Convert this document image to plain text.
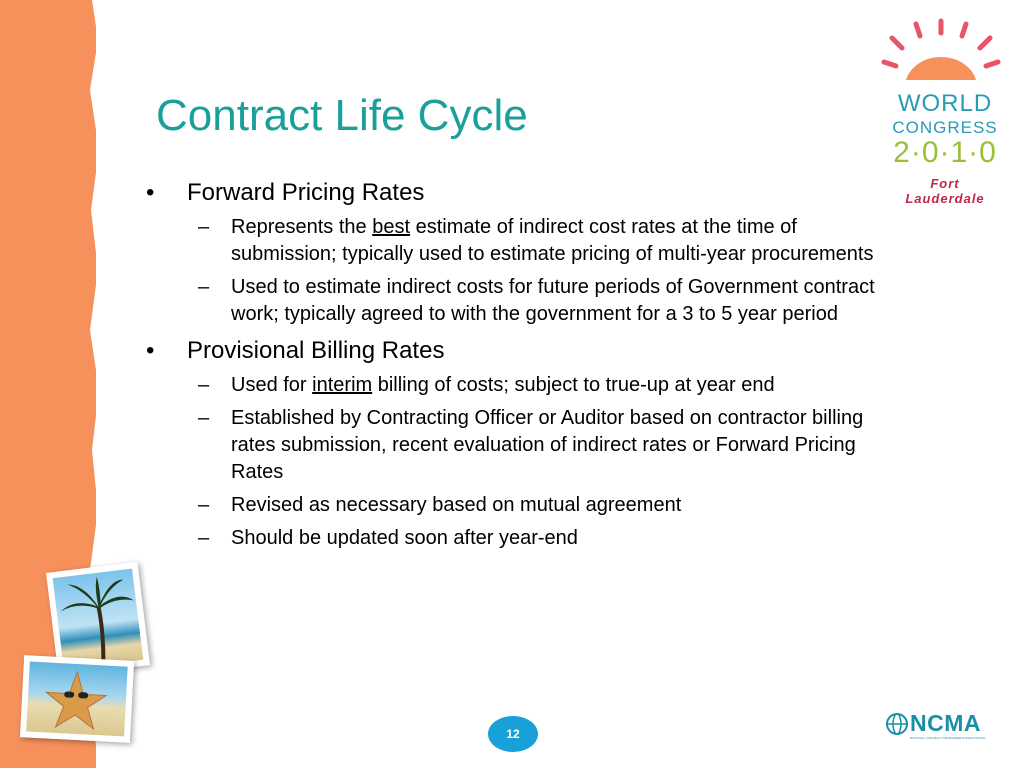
Contract Life Cycle
• Forward Pricing Rates
– Represents the best estimate of indirect cost rates at the time of submission; typically used to estimate pricing of multi-year procurements
– Used to estimate indirect costs for future periods of Government contract work; typically agreed to with the government for a 3 to 5 year period
• Provisional Billing Rates
– Used for interim billing of costs; subject to true-up at year end
– Established by Contracting Officer or Auditor based on contractor billing rates submission, recent evaluation of indirect rates or Forward Pricing Rates
– Revised as necessary based on mutual agreement
– Should be updated soon after year-end
WORLD
CONGRESS
2·0·1·0
Fort Lauderdale
12	NCMA
NATIONAL CONTRACT MANAGEMENT ASSOCIATION
